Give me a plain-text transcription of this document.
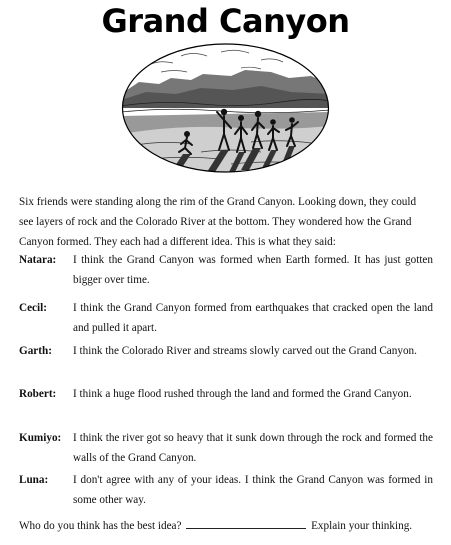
Grand Canyon
Six friends were standing along the rim of the Grand Canyon. Looking down, they could see layers of rock and the Colorado River at the bottom. They wondered how the Grand Canyon formed. They each had a different idea. This is what they said:
Natara: I think the Grand Canyon was formed when Earth formed. It has just gotten bigger over time.
Cecil: I think the Grand Canyon formed from earthquakes that cracked open the land and pulled it apart.
Garth: I think the Colorado River and streams slowly carved out the Grand Canyon.
Robert: I think a huge flood rushed through the land and formed the Grand Canyon.
Kumiyo: I think the river got so heavy that it sunk down through the rock and formed the walls of the Grand Canyon.
Luna: I don't agree with any of your ideas. I think the Grand Canyon was formed in some other way.
Who do you think has the best idea?	Explain your thinking.
